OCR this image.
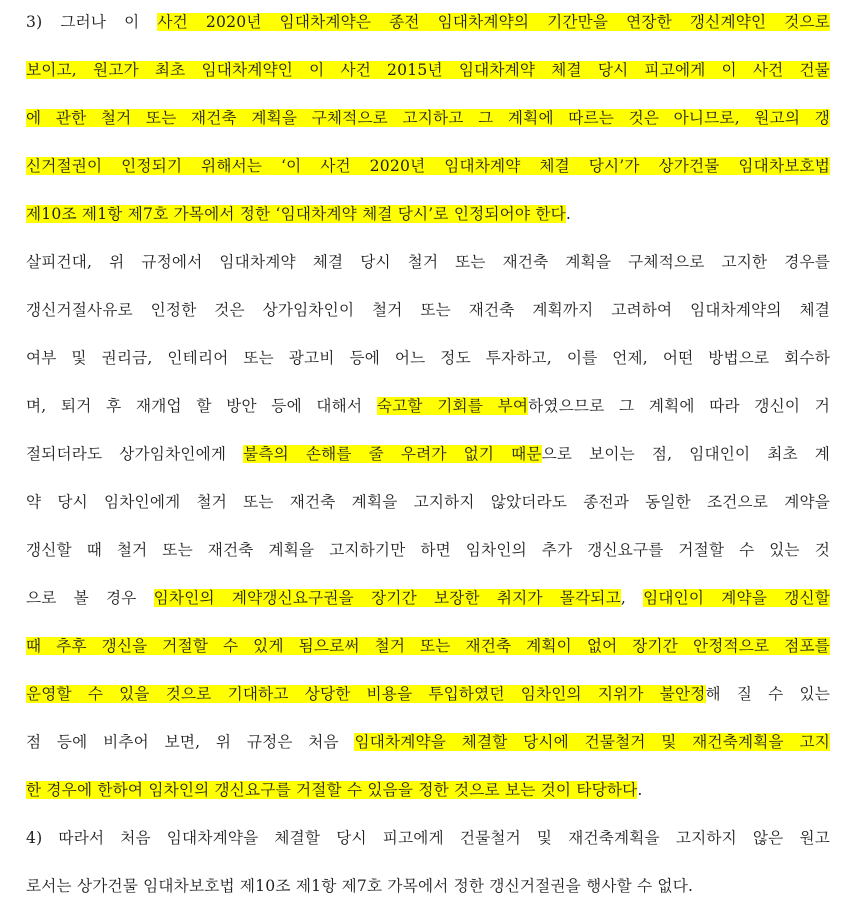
3) 그러나 이 사건 2020년 임대차계약은 종전 임대차계약의 기간만을 연장한 갱신계약인 것으로
보이고, 원고가 최초 임대차계약인 이 사건 2015년 임대차계약 체결 당시 피고에게 이 사건 건물
에 관한 철거 또는 재건축 계획을 구체적으로 고지하고 그 계획에 따르는 것은 아니므로, 원고의 갱
신거절권이 인정되기 위해서는 ‘이 사건 2020년 임대차계약 체결 당시’가 상가건물 임대차보호법
제10조 제1항 제7호 가목에서 정한 ‘임대차계약 체결 당시’로 인정되어야 한다.
살피건대, 위 규정에서 임대차계약 체결 당시 철거 또는 재건축 계획을 구체적으로 고지한 경우를
갱신거절사유로 인정한 것은 상가임차인이 철거 또는 재건축 계획까지 고려하여 임대차계약의 체결
여부 및 권리금, 인테리어 또는 광고비 등에 어느 정도 투자하고, 이를 언제, 어떤 방법으로 회수하
며, 퇴거 후 재개업 할 방안 등에 대해서 숙고할 기회를 부여하였으므로 그 계획에 따라 갱신이 거
절되더라도 상가임차인에게 불측의 손해를 줄 우려가 없기 때문으로 보이는 점, 임대인이 최초 계
약 당시 임차인에게 철거 또는 재건축 계획을 고지하지 않았더라도 종전과 동일한 조건으로 계약을
갱신할 때 철거 또는 재건축 계획을 고지하기만 하면 임차인의 추가 갱신요구를 거절할 수 있는 것
으로 볼 경우 임차인의 계약갱신요구권을 장기간 보장한 취지가 몰각되고, 임대인이 계약을 갱신할
때 추후 갱신을 거절할 수 있게 됨으로써 철거 또는 재건축 계획이 없어 장기간 안정적으로 점포를
운영할 수 있을 것으로 기대하고 상당한 비용을 투입하였던 임차인의 지위가 불안정해 질 수 있는
점 등에 비추어 보면, 위 규정은 처음 임대차계약을 체결할 당시에 건물철거 및 재건축계획을 고지
한 경우에 한하여 임차인의 갱신요구를 거절할 수 있음을 정한 것으로 보는 것이 타당하다.
4) 따라서 처음 임대차계약을 체결할 당시 피고에게 건물철거 및 재건축계획을 고지하지 않은 원고
로서는 상가건물 임대차보호법 제10조 제1항 제7호 가목에서 정한 갱신거절권을 행사할 수 없다.
